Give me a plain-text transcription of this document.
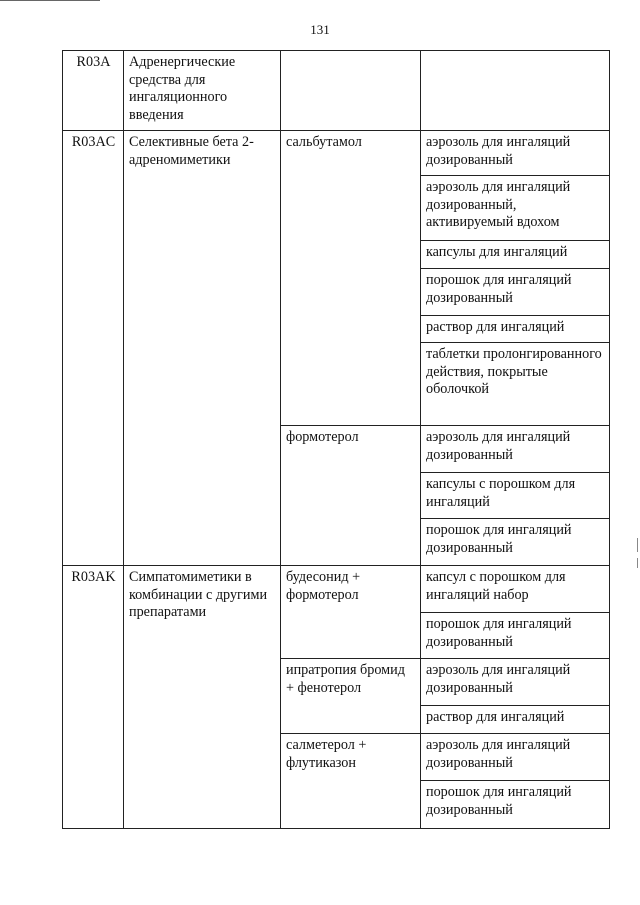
131
R03A	Адренергические средства для ингаляционного введения		
R03AC	Селективные бета 2-адреномиметики	сальбутамол	аэрозоль для ингаляций дозированный
			аэрозоль для ингаляций дозированный, активируемый вдохом
			капсулы для ингаляций
			порошок для ингаляций дозированный
			раствор для ингаляций
			таблетки пролонгированного действия, покрытые оболочкой
		формотерол	аэрозоль для ингаляций дозированный
			капсулы с порошком для ингаляций
			порошок для ингаляций дозированный
R03AK	Симпатомиметики в комбинации с другими препаратами	будесонид + формотерол	капсул с порошком для ингаляций набор
			порошок для ингаляций дозированный
		ипратропия бромид + фенотерол	аэрозоль для ингаляций дозированный
			раствор для ингаляций
		салметерол + флутиказон	аэрозоль для ингаляций дозированный
			порошок для ингаляций дозированный
